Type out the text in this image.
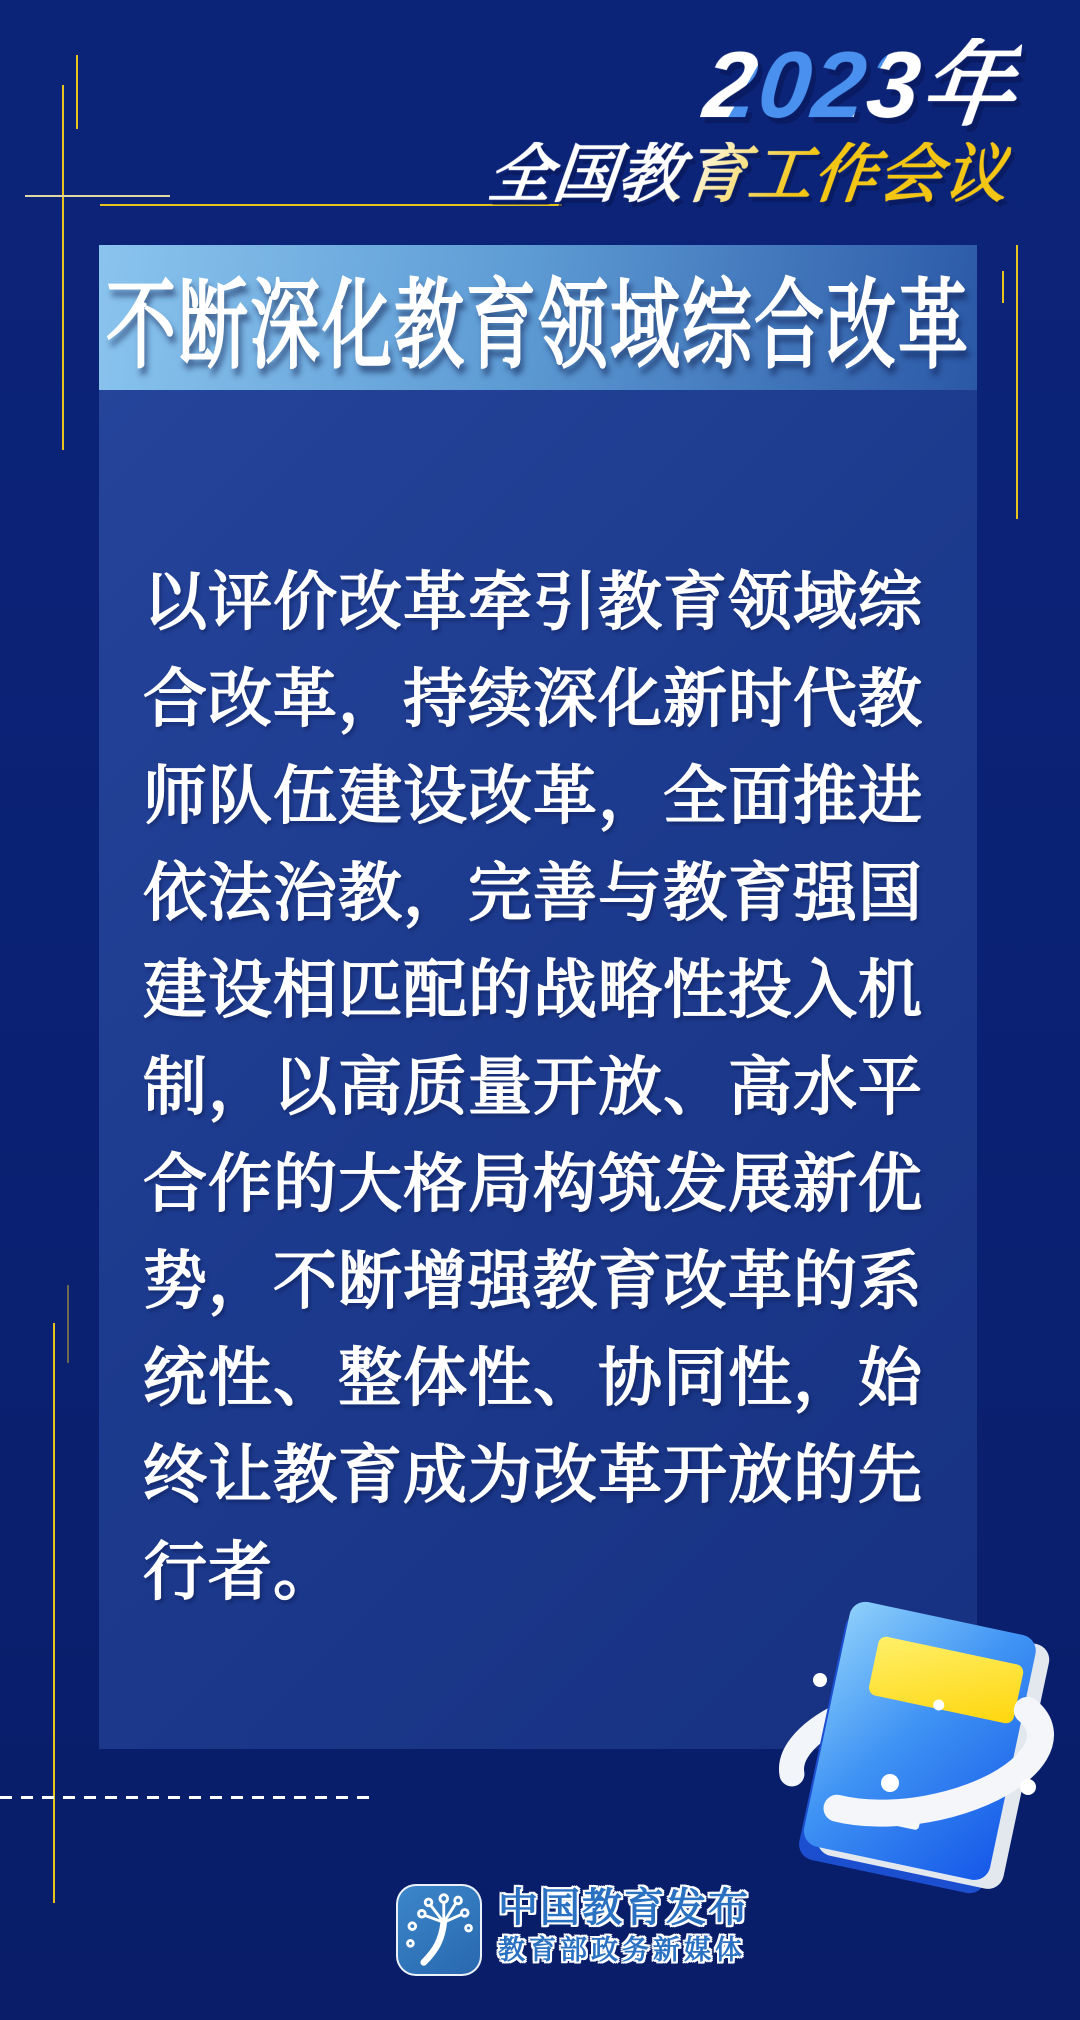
2023年
全国教育工作会议
不断深化教育领域综合改革
以评价改革牵引教育领域综
合改革，持续深化新时代教
师队伍建设改革，全面推进
依法治教，完善与教育强国
建设相匹配的战略性投入机
制，以高质量开放、高水平
合作的大格局构筑发展新优
势，不断增强教育改革的系
统性、整体性、协同性，始
终让教育成为改革开放的先
行者。
中国教育发布
教育部政务新媒体
